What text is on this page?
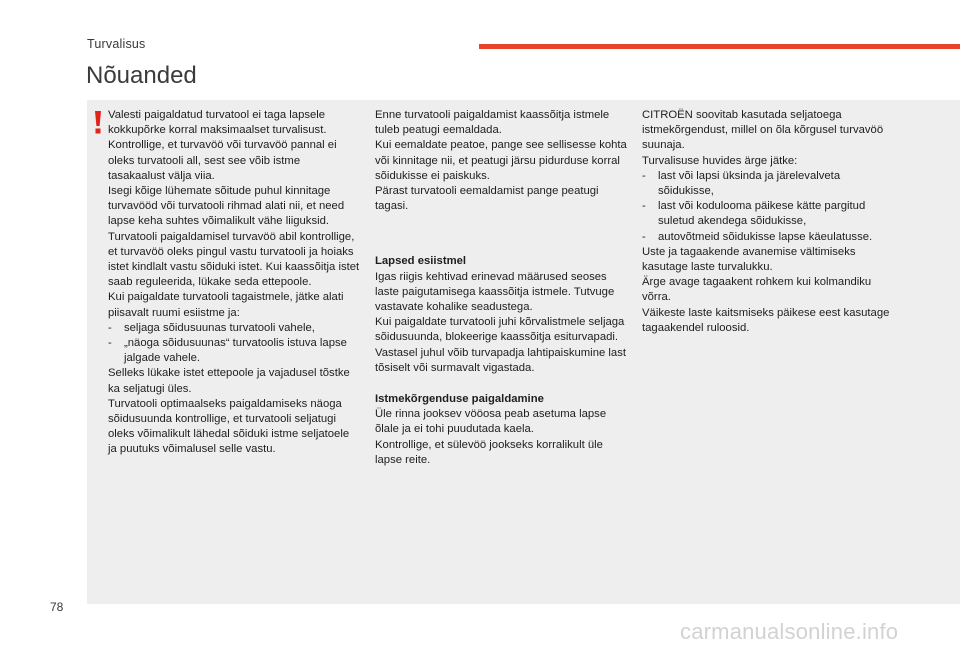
Turvalisus
Nõuanded

Valesti paigaldatud turvatool ei taga lapsele kokkupõrke korral maksimaalset turvalisust.

Kontrollige, et turvavöö või turvavöö pannal ei oleks turvatooli all, sest see võib istme tasakaalust välja viia.

Isegi kõige lühemate sõitude puhul kinnitage turvavööd või turvatooli rihmad alati nii, et need lapse keha suhtes võimalikult vähe liiguksid.

Turvatooli paigaldamisel turvavöö abil kontrollige, et turvavöö oleks pingul vastu turvatooli ja hoiaks istet kindlalt vastu sõiduki istet. Kui kaassõitja istet saab reguleerida, lükake seda ettepoole.

Kui paigaldate turvatooli tagaistmele, jätke alati piisavalt ruumi esiistme ja:

- seljaga sõidusuunas turvatooli vahele,

- „näoga sõidusuunas“ turvatoolis istuva lapse jalgade vahele.

Selleks lükake istet ettepoole ja vajadusel tõstke ka seljatugi üles.

Turvatooli optimaalseks paigaldamiseks näoga sõidusuunda kontrollige, et turvatooli seljatugi oleks võimalikult lähedal sõiduki istme seljatoele ja puutuks võimalusel selle vastu.

Enne turvatooli paigaldamist kaassõitja istmele tuleb peatugi eemaldada.

Kui eemaldate peatoe, pange see sellisesse kohta või kinnitage nii, et peatugi järsu pidurduse korral sõidukisse ei paiskuks.

Pärast turvatooli eemaldamist pange peatugi tagasi.

Lapsed esiistmel

Igas riigis kehtivad erinevad määrused seoses laste paigutamisega kaassõitja istmele. Tutvuge vastavate kohalike seadustega.

Kui paigaldate turvatooli juhi kõrvalistmele seljaga sõidusuunda, blokeerige kaassõitja esiturvapadi.

Vastasel juhul võib turvapadja lahtipaiskumine last tõsiselt või surmavalt vigastada.

Istmekõrgenduse paigaldamine

Üle rinna jooksev vööosa peab asetuma lapse õlale ja ei tohi puudutada kaela.

Kontrollige, et sülevöö jookseks korralikult üle lapse reite.

CITROËN soovitab kasutada seljatoega istmekõrgendust, millel on õla kõrgusel turvavöö suunaja.

Turvalisuse huvides ärge jätke:

- last või lapsi üksinda ja järelevalveta sõidukisse,

- last või koduloomа päikese kätte pargitud suletud akendega sõidukisse,

- autovõtmeid sõidukisse lapse käeulatusse.

Uste ja tagaakende avanemise vältimiseks kasutage laste turvalukku.

Ärge avage tagaakent rohkem kui kolmandiku võrra.

Väikeste laste kaitsmiseks päikese eest kasutage tagaakendel ruloosid.

78
carmanualsonline.info
